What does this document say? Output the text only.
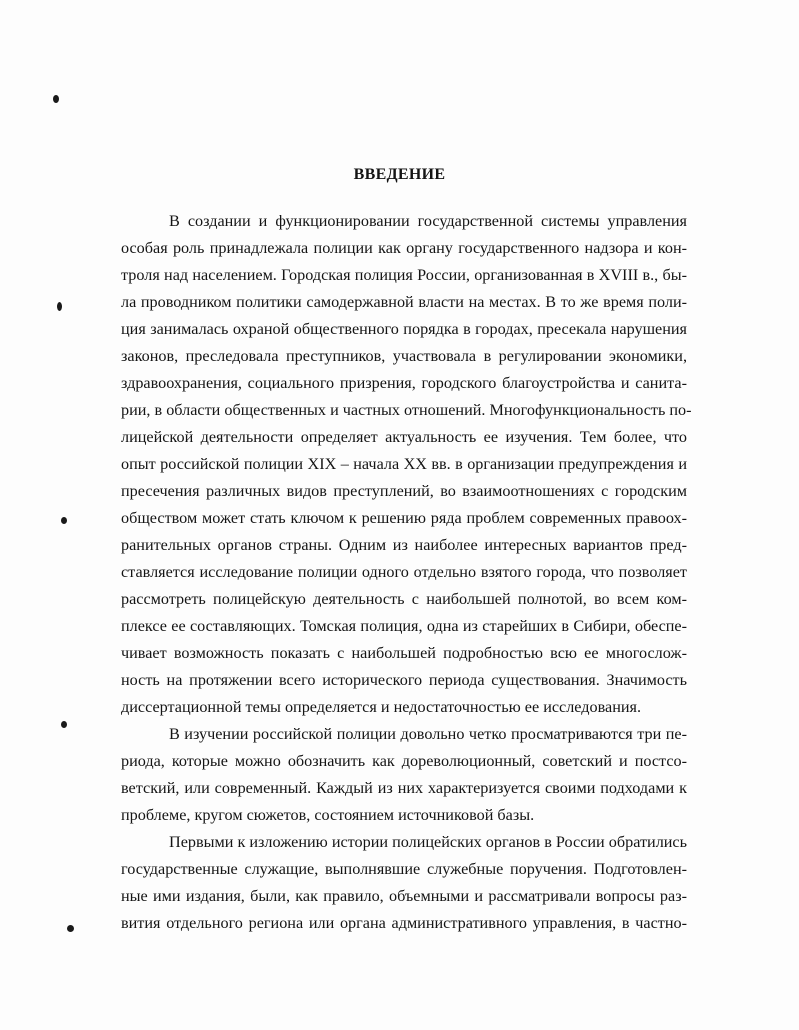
ВВЕДЕНИЕ
В создании и функционировании государственной системы управления
особая роль принадлежала полиции как органу государственного надзора и кон-
троля над населением. Городская полиция России, организованная в XVIII в., бы-
ла проводником политики самодержавной власти на местах. В то же время поли-
ция занималась охраной общественного порядка в городах, пресекала нарушения
законов, преследовала преступников, участвовала в регулировании экономики,
здравоохранения, социального призрения, городского благоустройства и санита-
рии, в области общественных и частных отношений. Многофункциональность по-
лицейской деятельности определяет актуальность ее изучения. Тем более, что
опыт российской полиции XIX – начала XX вв. в организации предупреждения и
пресечения различных видов преступлений, во взаимоотношениях с городским
обществом может стать ключом к решению ряда проблем современных правоох-
ранительных органов страны. Одним из наиболее интересных вариантов пред-
ставляется исследование полиции одного отдельно взятого города, что позволяет
рассмотреть полицейскую деятельность с наибольшей полнотой, во всем ком-
плексе ее составляющих. Томская полиция, одна из старейших в Сибири, обеспе-
чивает возможность показать с наибольшей подробностью всю ее многослож-
ность на протяжении всего исторического периода существования. Значимость
диссертационной темы определяется и недостаточностью ее исследования.
В изучении российской полиции довольно четко просматриваются три пе-
риода, которые можно обозначить как дореволюционный, советский и постсо-
ветский, или современный. Каждый из них характеризуется своими подходами к
проблеме, кругом сюжетов, состоянием источниковой базы.
Первыми к изложению истории полицейских органов в России обратились
государственные служащие, выполнявшие служебные поручения. Подготовлен-
ные ими издания, были, как правило, объемными и рассматривали вопросы раз-
вития отдельного региона или органа административного управления, в частно-
